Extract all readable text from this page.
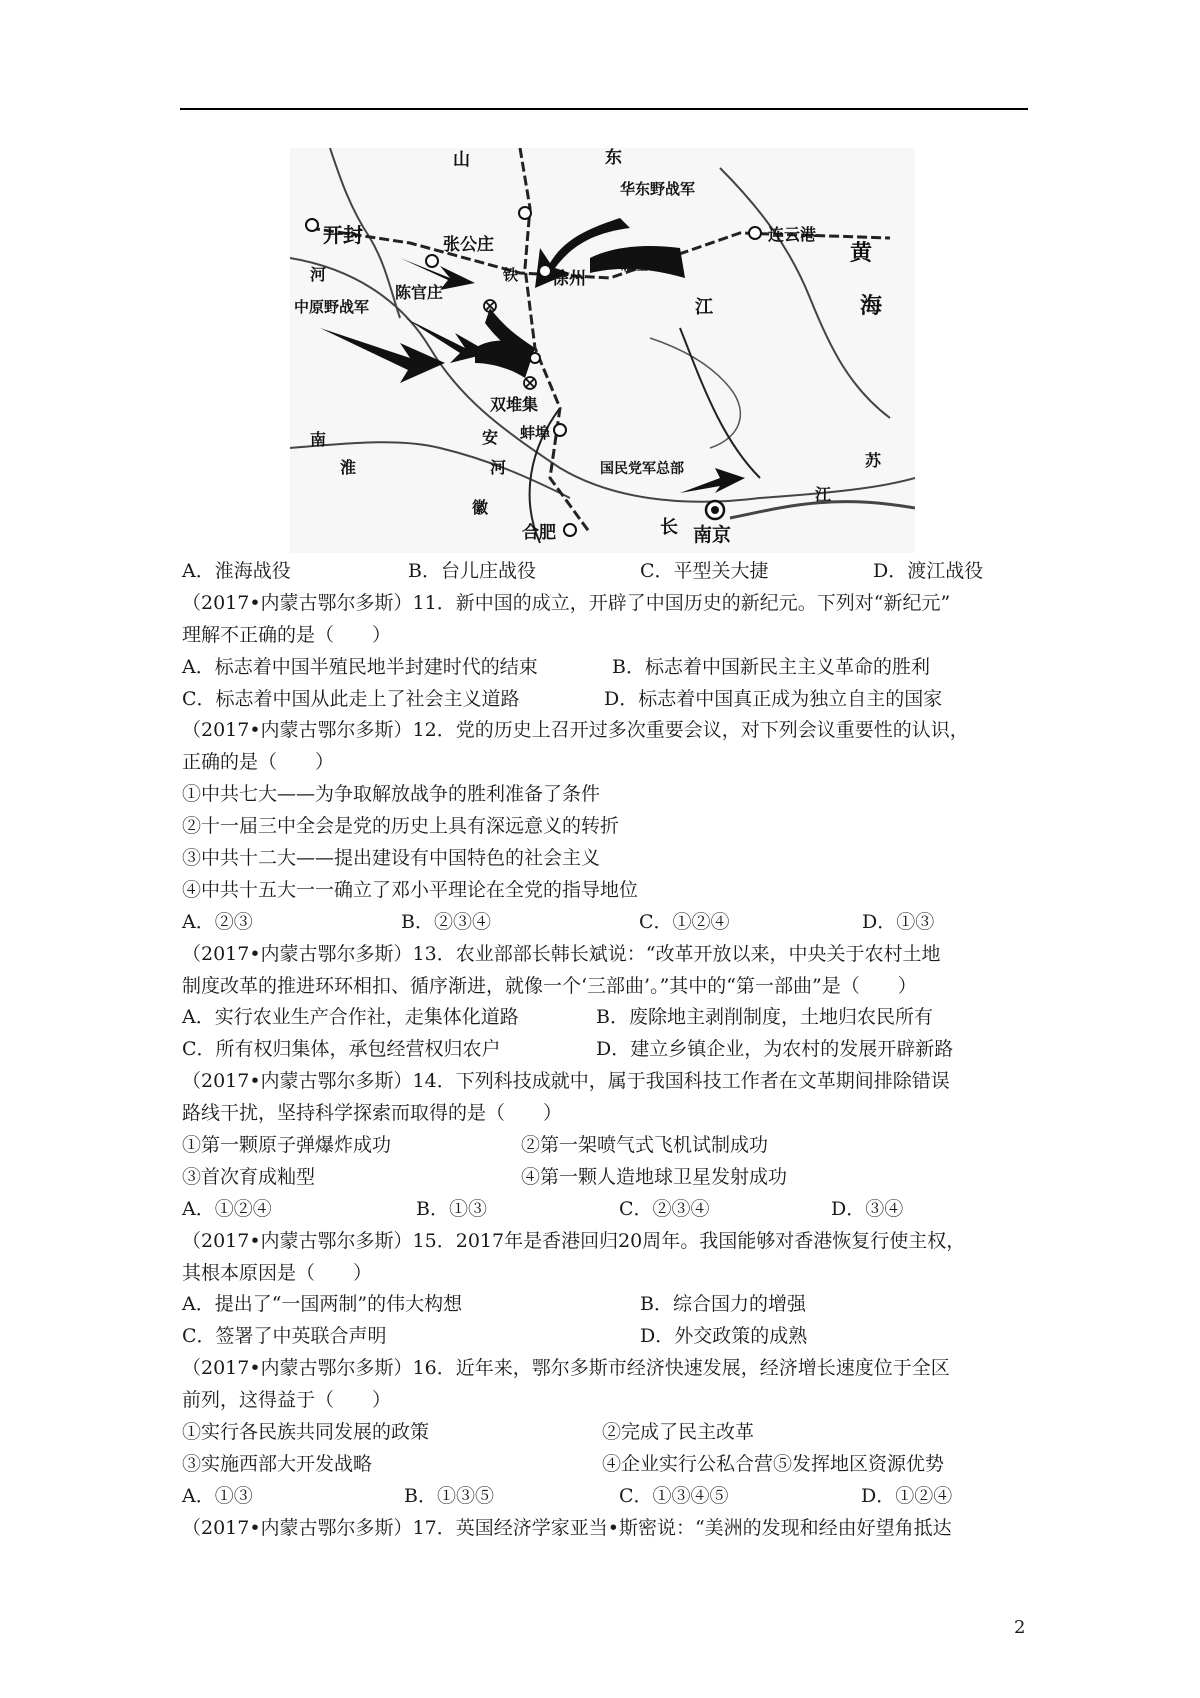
山	东
华东野战军
连云港
黄
海
开封	张公庄
河
陈官庄
中原野战军
徐州
铁
江
碾庄
双堆集
安
河
蚌埠
南
淮	国民党军总部	苏
江
徽
合肥	长 南京
A．淮海战役	B．台儿庄战役	C．平型关大捷	D．渡江战役
（2017•内蒙古鄂尔多斯）11．新中国的成立，开辟了中国历史的新纪元。下列对“新纪元”
理解不正确的是（　　）
A．标志着中国半殖民地半封建时代的结束	B．标志着中国新民主主义革命的胜利
C．标志着中国从此走上了社会主义道路	D．标志着中国真正成为独立自主的国家
（2017•内蒙古鄂尔多斯）12．党的历史上召开过多次重要会议，对下列会议重要性的认识，
正确的是（　　）
①中共七大——为争取解放战争的胜利准备了条件
②十一届三中全会是党的历史上具有深远意义的转折
③中共十二大——提出建设有中国特色的社会主义
④中共十五大一一确立了邓小平理论在全党的指导地位
A．②③	B．②③④	C．①②④	D．①③
（2017•内蒙古鄂尔多斯）13．农业部部长韩长斌说：“改革开放以来，中央关于农村土地
制度改革的推进环环相扣、循序渐进，就像一个‘三部曲’。”其中的“第一部曲”是（　　）
A．实行农业生产合作社，走集体化道路	B．废除地主剥削制度，土地归农民所有
C．所有权归集体，承包经营权归农户	D．建立乡镇企业，为农村的发展开辟新路
（2017•内蒙古鄂尔多斯）14．下列科技成就中，属于我国科技工作者在文革期间排除错误
路线干扰，坚持科学探索而取得的是（　　）
①第一颗原子弹爆炸成功	②第一架喷气式飞机试制成功
③首次育成籼型	④第一颗人造地球卫星发射成功
A．①②④	B．①③	C．②③④	D．③④
（2017•内蒙古鄂尔多斯）15．2017年是香港回归20周年。我国能够对香港恢复行使主权，
其根本原因是（　　）
A．提出了“一国两制”的伟大构想	B．综合国力的增强
C．签署了中英联合声明	D．外交政策的成熟
（2017•内蒙古鄂尔多斯）16．近年来，鄂尔多斯市经济快速发展，经济增长速度位于全区
前列，这得益于（　　）
①实行各民族共同发展的政策	②完成了民主改革
③实施西部大开发战略	④企业实行公私合营⑤发挥地区资源优势
A．①③	B．①③⑤	C．①③④⑤	D．①②④
（2017•内蒙古鄂尔多斯）17．英国经济学家亚当•斯密说：“美洲的发现和经由好望角抵达
2
